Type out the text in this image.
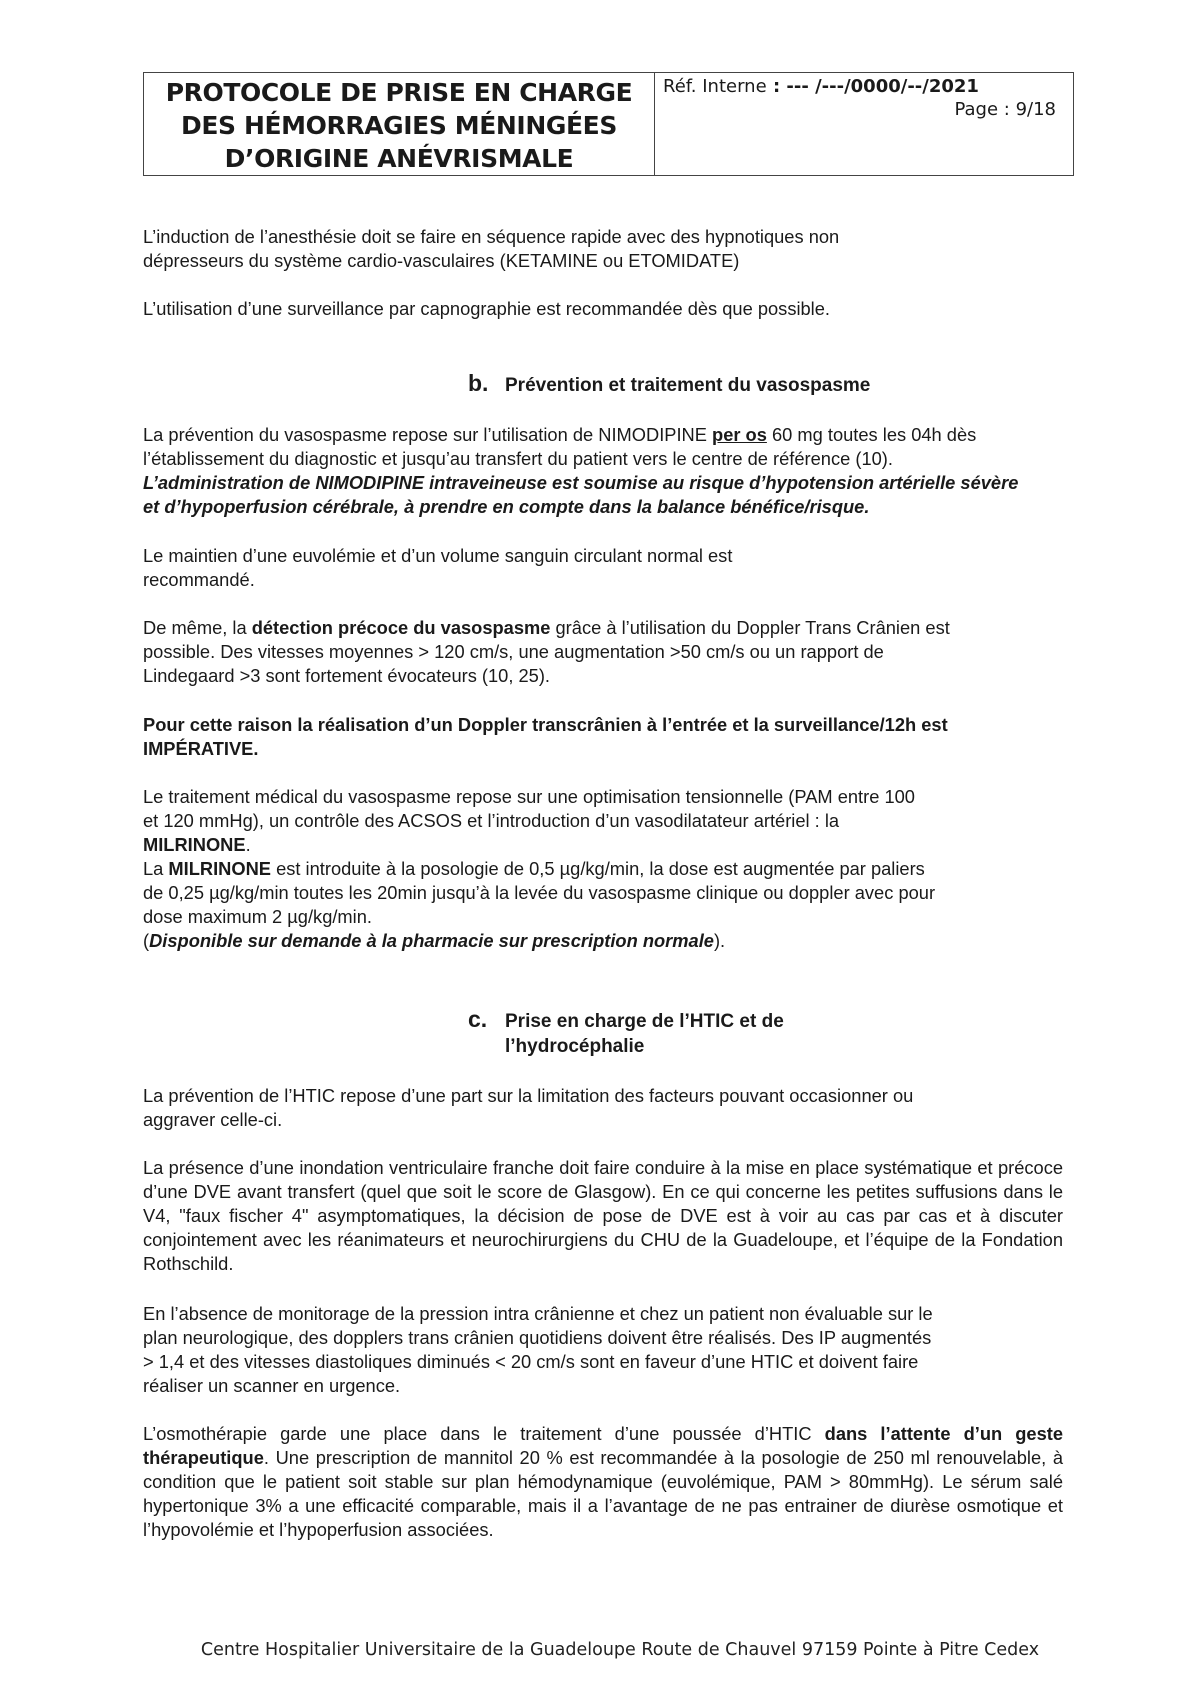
PROTOCOLE DE PRISE EN CHARGE
DES HÉMORRAGIES MÉNINGÉES
D’ORIGINE ANÉVRISMALE
Réf. Interne : --- /---/0000/--/2021
Page : 9/18
L’induction de l’anesthésie doit se faire en séquence rapide avec des hypnotiques non
dépresseurs du système cardio-vasculaires (KETAMINE ou ETOMIDATE)
L’utilisation d’une surveillance par capnographie est recommandée dès que possible.
b. Prévention et traitement du vasospasme
La prévention du vasospasme repose sur l’utilisation de NIMODIPINE per os 60 mg toutes les 04h dès
l’établissement du diagnostic et jusqu’au transfert du patient vers le centre de référence (10).
L’administration de NIMODIPINE intraveineuse est soumise au risque d’hypotension artérielle sévère
et d’hypoperfusion cérébrale, à prendre en compte dans la balance bénéfice/risque.
Le maintien d’une euvolémie et d’un volume sanguin circulant normal est
recommandé.
De même, la détection précoce du vasospasme grâce à l’utilisation du Doppler Trans Crânien est
possible. Des vitesses moyennes > 120 cm/s, une augmentation >50 cm/s ou un rapport de
Lindegaard >3 sont fortement évocateurs (10, 25).
Pour cette raison la réalisation d’un Doppler transcrânien à l’entrée et la surveillance/12h est
IMPÉRATIVE.
Le traitement médical du vasospasme repose sur une optimisation tensionnelle (PAM entre 100
et 120 mmHg), un contrôle des ACSOS et l’introduction d’un vasodilatateur artériel : la
MILRINONE.
La MILRINONE est introduite à la posologie de 0,5 µg/kg/min, la dose est augmentée par paliers
de 0,25 µg/kg/min toutes les 20min jusqu’à la levée du vasospasme clinique ou doppler avec pour
dose maximum 2 µg/kg/min.
(Disponible sur demande à la pharmacie sur prescription normale).
c. Prise en charge de l’HTIC et de
l’hydrocéphalie
La prévention de l’HTIC repose d’une part sur la limitation des facteurs pouvant occasionner ou
aggraver celle-ci.
La présence d’une inondation ventriculaire franche doit faire conduire à la mise en place systématique et précoce d’une DVE avant transfert (quel que soit le score de Glasgow). En ce qui concerne les petites suffusions dans le V4, "faux fischer 4" asymptomatiques, la décision de pose de DVE est à voir au cas par cas et à discuter conjointement avec les réanimateurs et neurochirurgiens du CHU de la Guadeloupe, et l’équipe de la Fondation Rothschild.
En l’absence de monitorage de la pression intra crânienne et chez un patient non évaluable sur le
plan neurologique, des dopplers trans crânien quotidiens doivent être réalisés. Des IP augmentés
> 1,4 et des vitesses diastoliques diminués < 20 cm/s sont en faveur d’une HTIC et doivent faire
réaliser un scanner en urgence.
L’osmothérapie garde une place dans le traitement d’une poussée d’HTIC dans l’attente d’un geste thérapeutique. Une prescription de mannitol 20 % est recommandée à la posologie de 250 ml renouvelable, à condition que le patient soit stable sur plan hémodynamique (euvolémique, PAM > 80mmHg). Le sérum salé hypertonique 3% a une efficacité comparable, mais il a l’avantage de ne pas entrainer de diurèse osmotique et l’hypovolémie et l’hypoperfusion associées.
Centre Hospitalier Universitaire de la Guadeloupe Route de Chauvel 97159 Pointe à Pitre Cedex
